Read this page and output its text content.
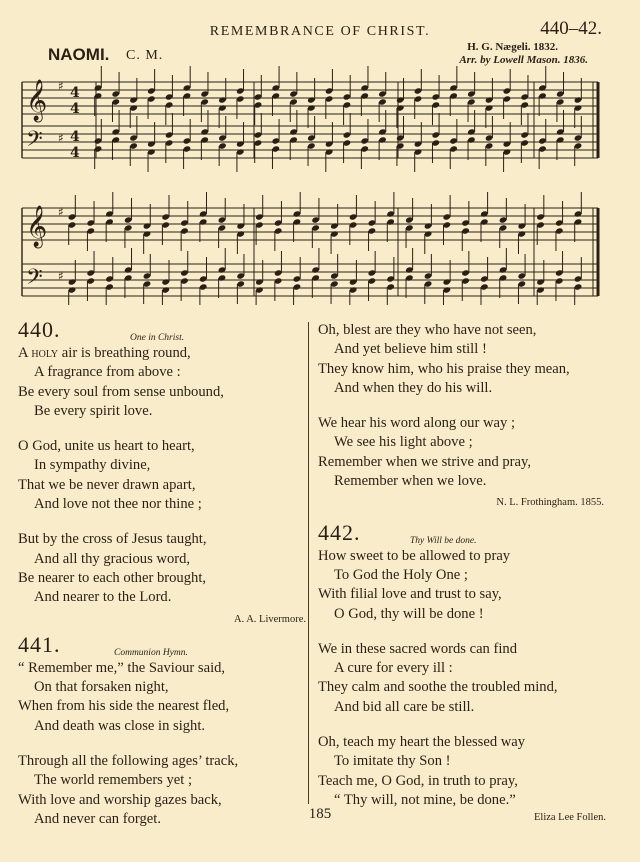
REMEMBRANCE OF CHRIST.	440–42.
NAOMI. C. M.
H. G. Nægeli. 1832.
Arr. by Lowell Mason. 1836.
𝄞 ♯ 4
4
𝄢 ♯ 4
4
𝄞 ♯
𝄢 ♯
440.	One in Christ.
A holy air is breathing round,
A fragrance from above :
Be every soul from sense unbound,
Be every spirit love.
O God, unite us heart to heart,
In sympathy divine,
That we be never drawn apart,
And love not thee nor thine ;
But by the cross of Jesus taught,
And all thy gracious word,
Be nearer to each other brought,
And nearer to the Lord.
A. A. Livermore.
441.	Communion Hymn.
“ Remember me,” the Saviour said,
On that forsaken night,
When from his side the nearest fled,
And death was close in sight.
Through all the following ages’ track,
The world remembers yet ;
With love and worship gazes back,
And never can forget.
Oh, blest are they who have not seen,
And yet believe him still !
They know him, who his praise they mean,
And when they do his will.
We hear his word along our way ;
We see his light above ;
Remember when we strive and pray,
Remember when we love.
N. L. Frothingham. 1855.
442.	Thy Will be done.
How sweet to be allowed to pray
To God the Holy One ;
With filial love and trust to say,
O God, thy will be done !
We in these sacred words can find
A cure for every ill :
They calm and soothe the troubled mind,
And bid all care be still.
Oh, teach my heart the blessed way
To imitate thy Son !
Teach me, O God, in truth to pray,
“ Thy will, not mine, be done.”
Eliza Lee Follen.
185
